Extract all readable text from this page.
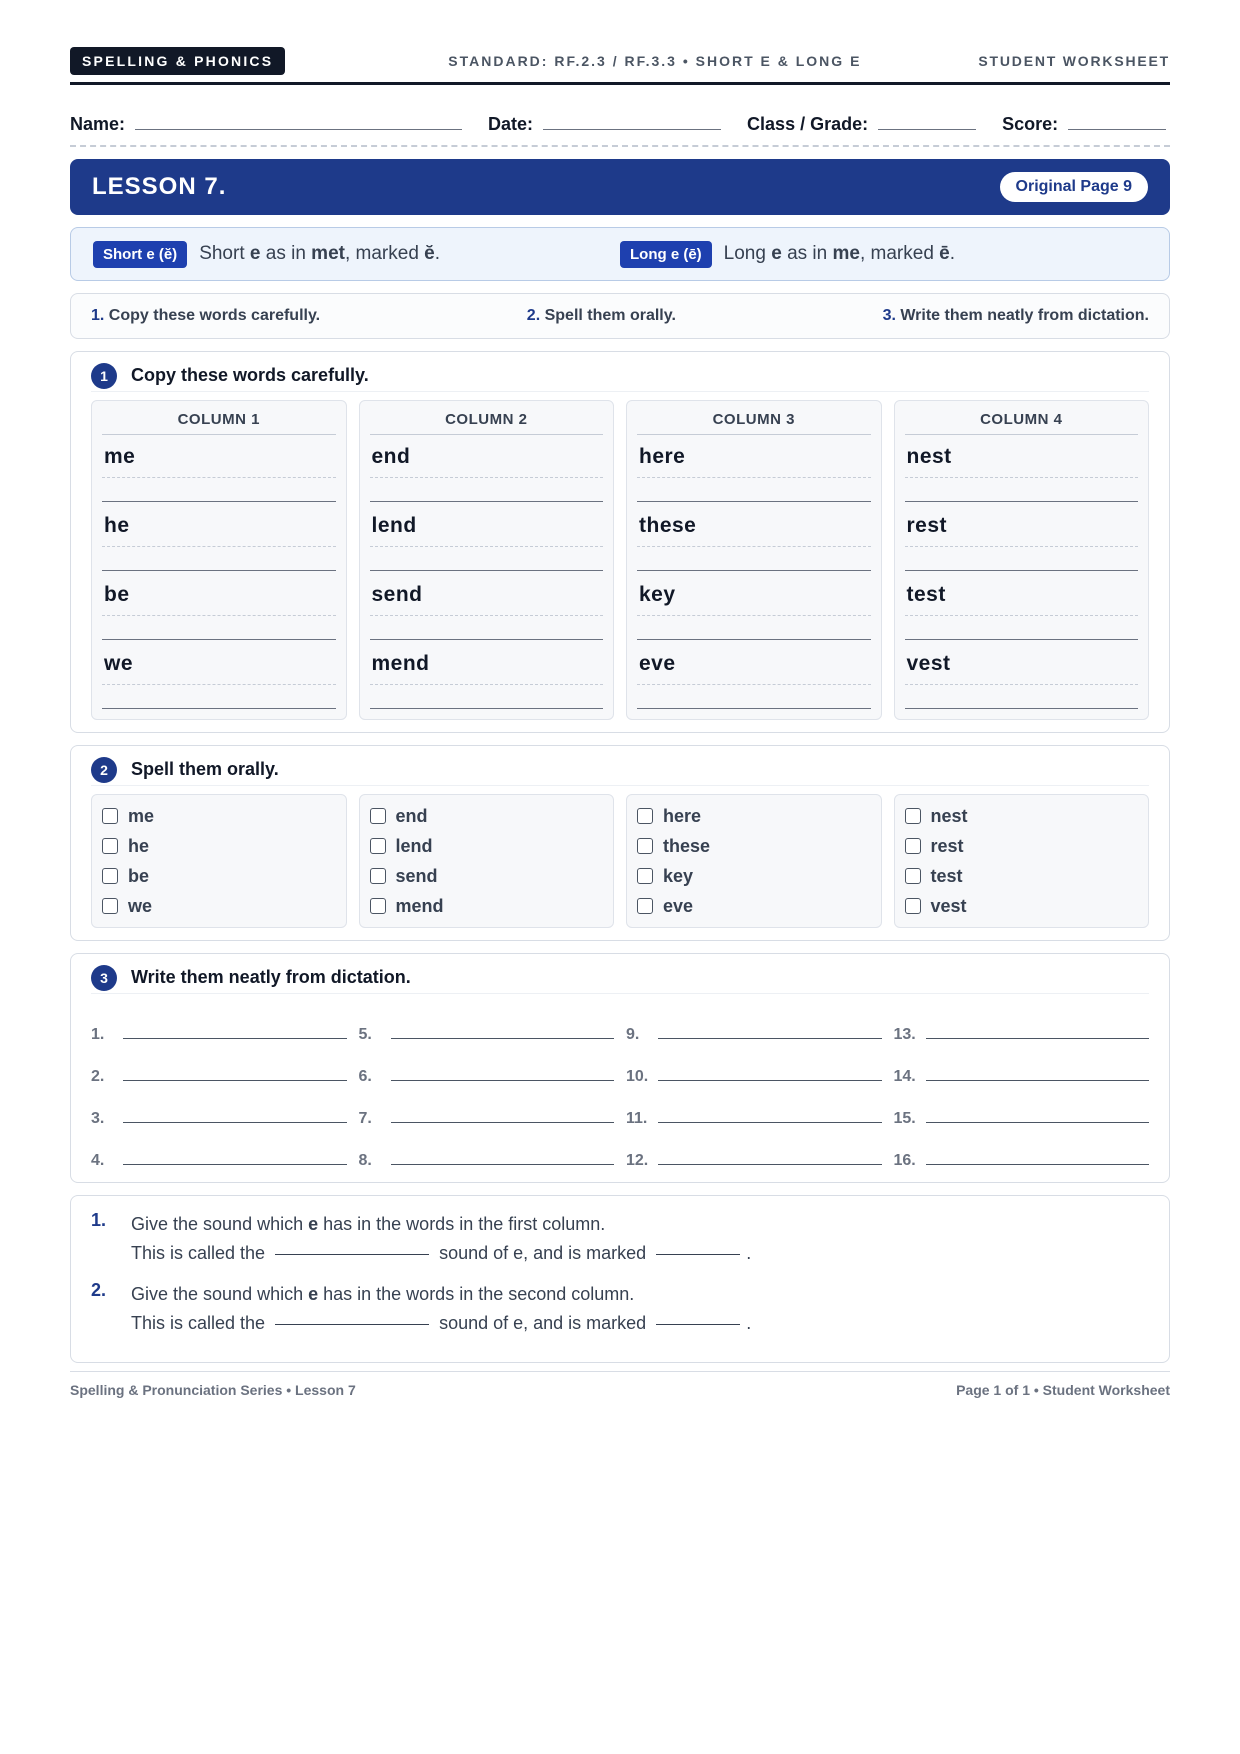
SPELLING & PHONICS	STANDARD: RF.2.3 / RF.3.3 • SHORT E & LONG E	STUDENT WORKSHEET
Name:	Date:	Class / Grade:	Score:
LESSON 7.	Original Page 9
Short e (ĕ)	Short e as in met, marked ĕ.	Long e (ē)	Long e as in me, marked ē.
1. Copy these words carefully.	2. Spell them orally.	3. Write them neatly from dictation.
1	Copy these words carefully.
COLUMN 1
me
he
be
we
COLUMN 2
end
lend
send
mend
COLUMN 3
here
these
key
eve
COLUMN 4
nest
rest
test
vest
2	Spell them orally.
me
he
be
we
end
lend
send
mend
here
these
key
eve
nest
rest
test
vest
3	Write them neatly from dictation.
1.	5.	9.	13.
2.	6.	10.	14.
3.	7.	11.	15.
4.	8.	12.	16.
1.	Give the sound which e has in the words in the first column.
This is called the	sound of e, and is marked	.
2.	Give the sound which e has in the words in the second column.
This is called the	sound of e, and is marked	.
Spelling & Pronunciation Series • Lesson 7	Page 1 of 1 • Student Worksheet
